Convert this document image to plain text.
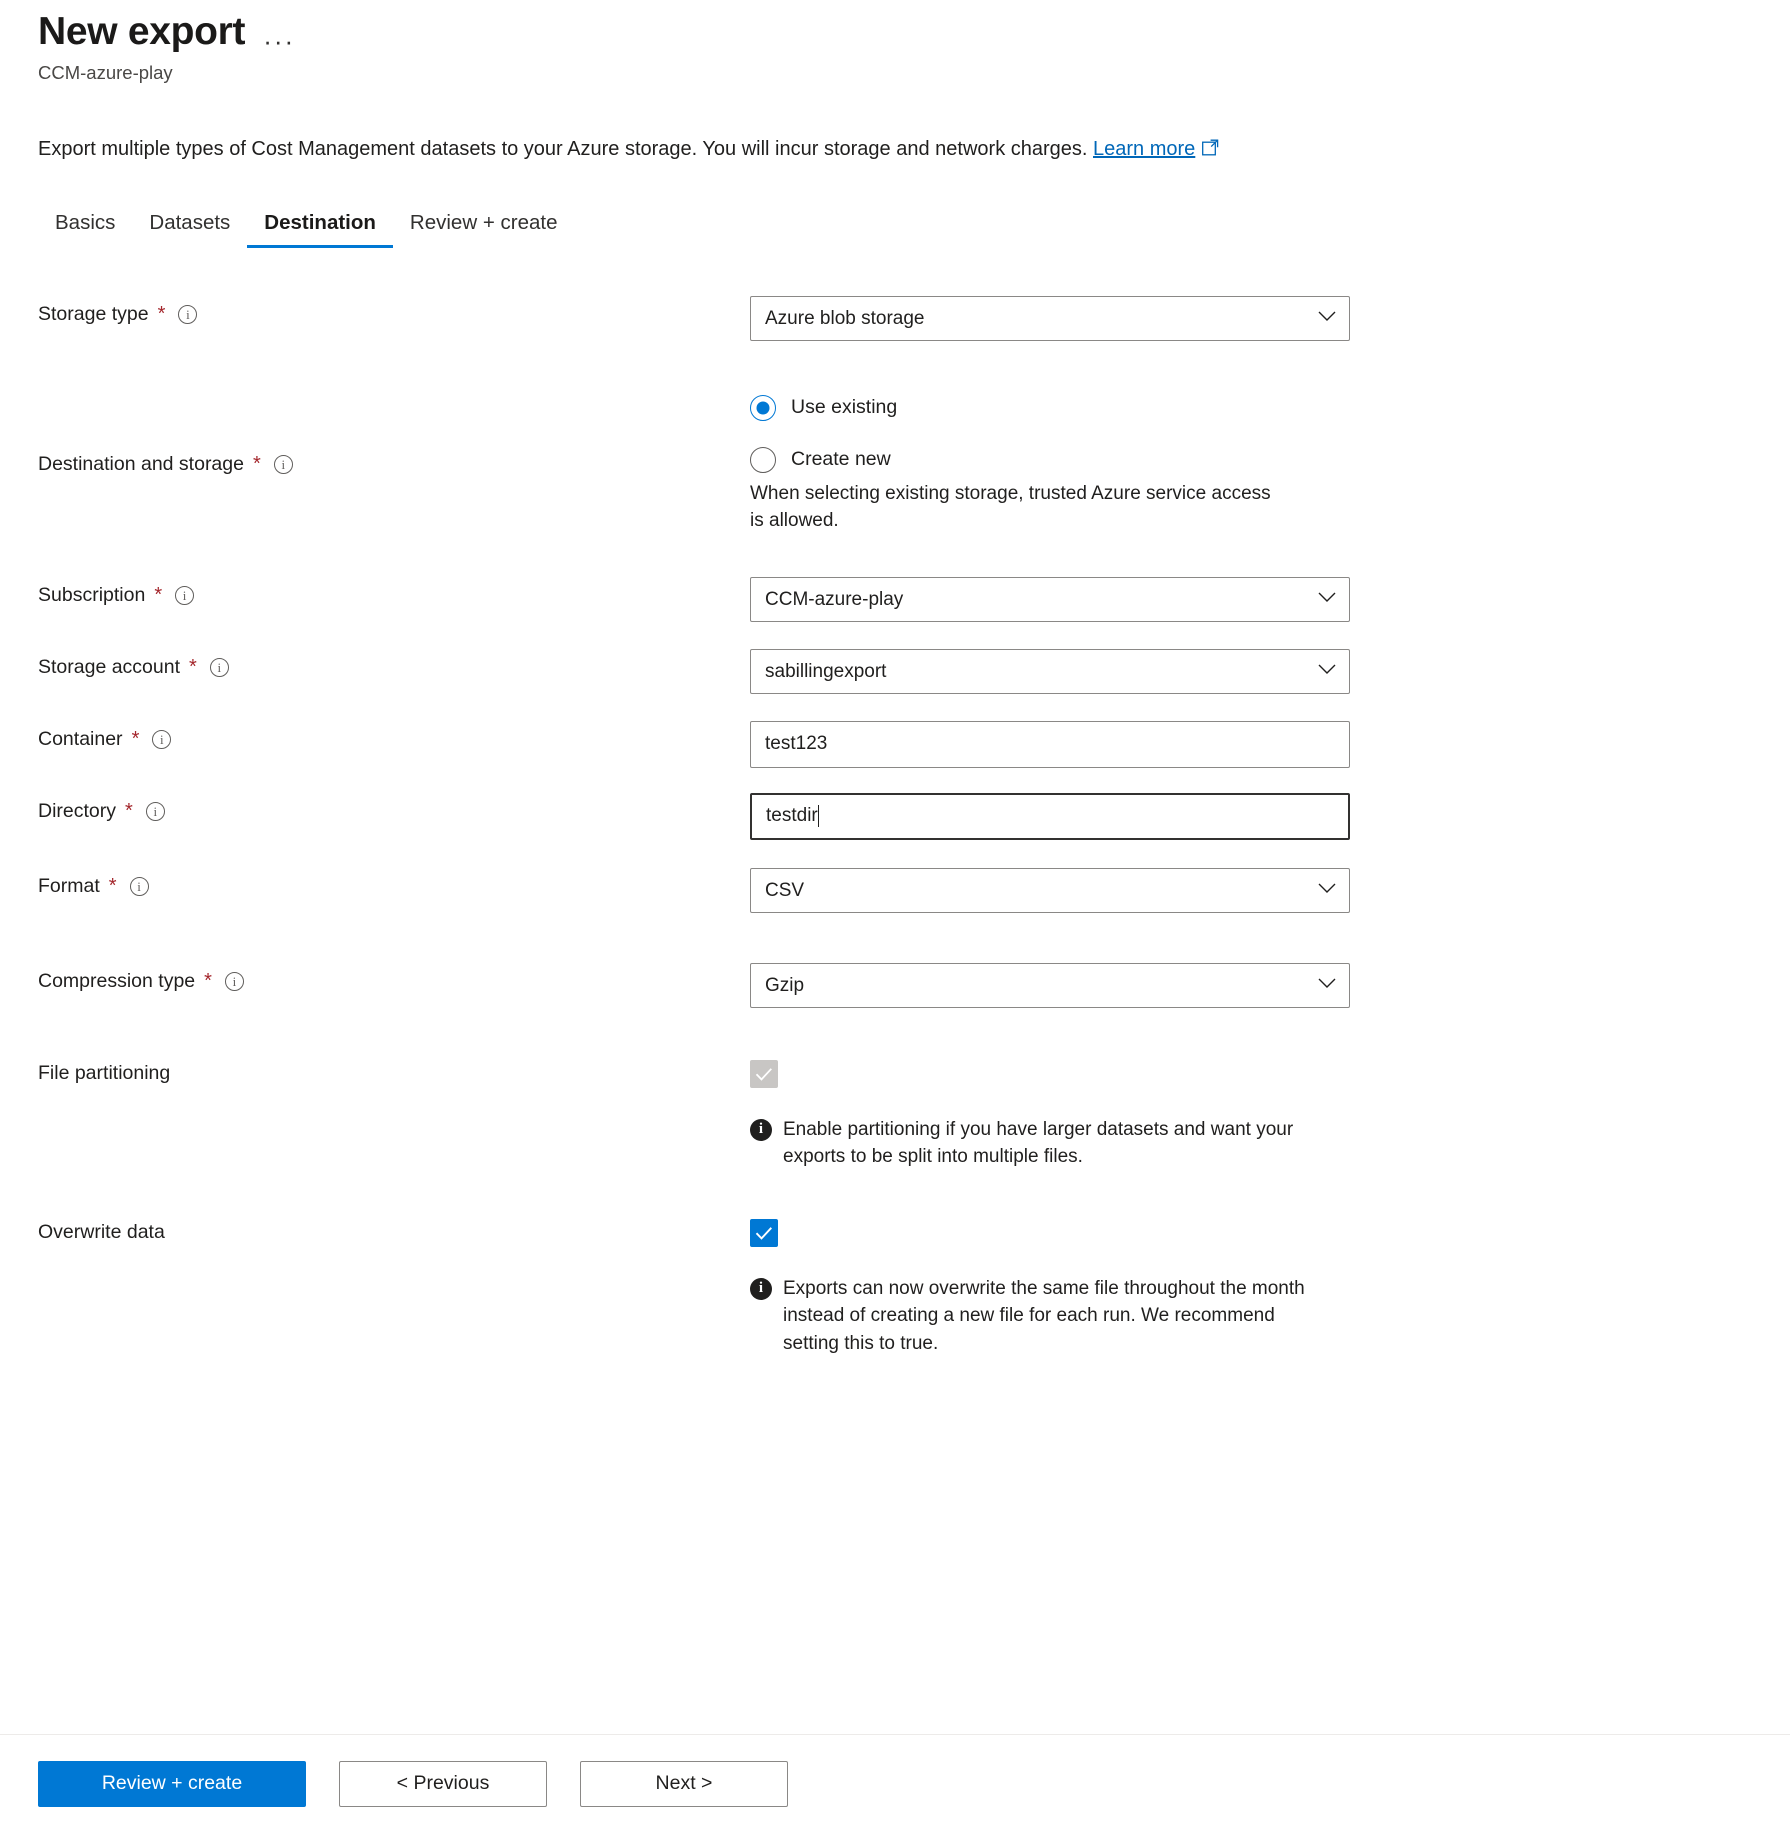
New export ···
CCM-azure-play
Export multiple types of Cost Management datasets to your Azure storage. You will incur storage and network charges. Learn more
Basics	Datasets	Destination	Review + create
Storage type *	i
Azure blob storage
Destination and storage *	i
Use existing
Create new
When selecting existing storage, trusted Azure service access is allowed.
Subscription *	i
CCM-azure-play
Storage account *	i
sabillingexport
Container *	i	test123
Directory *	i	testdir
Format *	i
CSV
Compression type *	i
Gzip
File partitioning
i	Enable partitioning if you have larger datasets and want your exports to be split into multiple files.
Overwrite data
i	Exports can now overwrite the same file throughout the month instead of creating a new file for each run. We recommend setting this to true.
Review + create	< Previous	Next >
